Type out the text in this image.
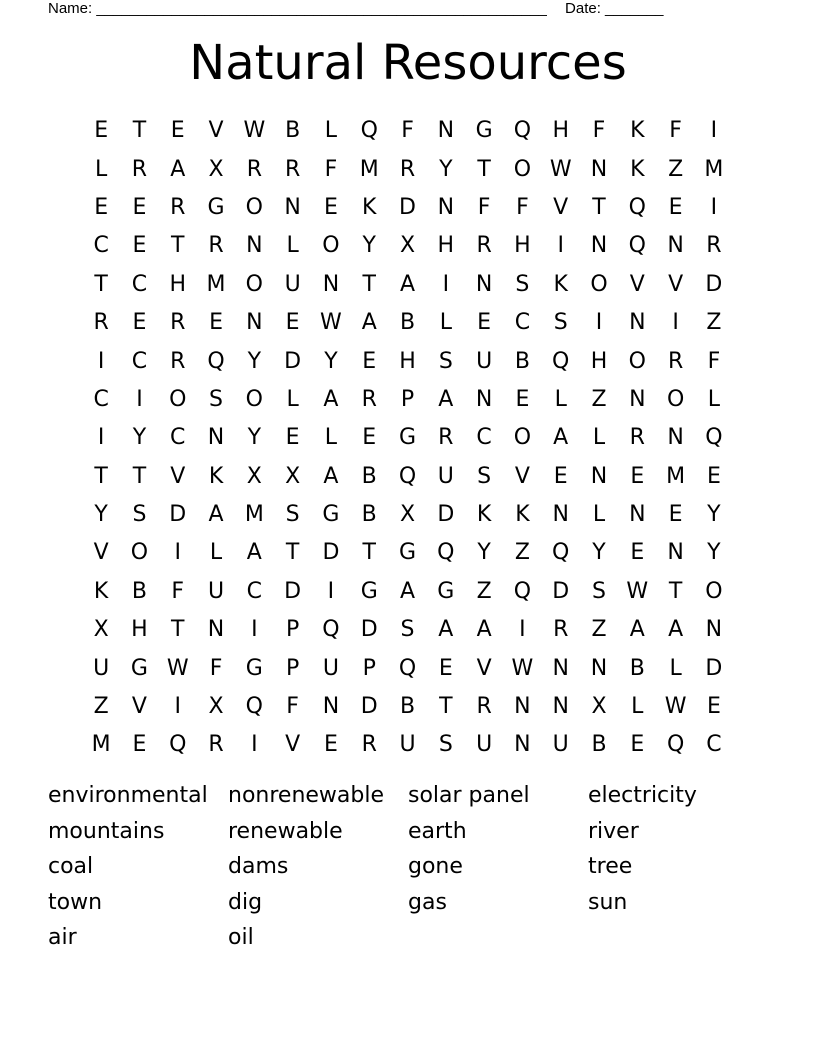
Name: ______________________________________________________ Date: _______
Natural Resources
E	T	E	V W B	L	Q	F	N G Q H	F	K	F	I
L	R	A	X	R	R	F	M R	Y	T	O W N	K	Z M
E	E	R	G O N	E	K	D N	F	F	V	T	Q	E	I
C	E	T	R	N	L	O	Y	X	H	R	H	I	N Q N	R
T	C	H M O U	N	T	A	I	N	S	K	O	V	V	D
R	E	R	E	N	E W A	B	L	E	C	S	I	N	I	Z
I	C	R Q	Y	D	Y	E	H	S	U	B	Q H O R	F
C	I	O	S	O	L	A	R	P	A	N	E	L	Z	N O	L
I	Y	C	N	Y	E	L	E	G	R	C O	A	L	R	N Q
T	T	V	K	X	X	A	B	Q U	S	V	E	N	E M E
Y	S	D	A M S	G	B	X	D	K	K	N	L	N	E	Y
V	O	I	L	A	T	D	T	G Q	Y	Z	Q	Y	E	N	Y
K	B	F	U	C	D	I	G	A	G	Z	Q D	S W T	O
X	H	T	N	I	P	Q D	S	A	A	I	R	Z	A	A	N
U G W F	G	P	U	P	Q	E	V W N N	B	L	D
Z	V	I	X	Q	F	N D	B	T	R	N N	X	L W E
M E	Q R	I	V	E	R	U	S	U	N	U	B	E	Q C
environmental nonrenewable	solar panel	electricity
mountains	renewable	earth	river
coal	dams	gone	tree
town	dig	gas	sun
air	oil
